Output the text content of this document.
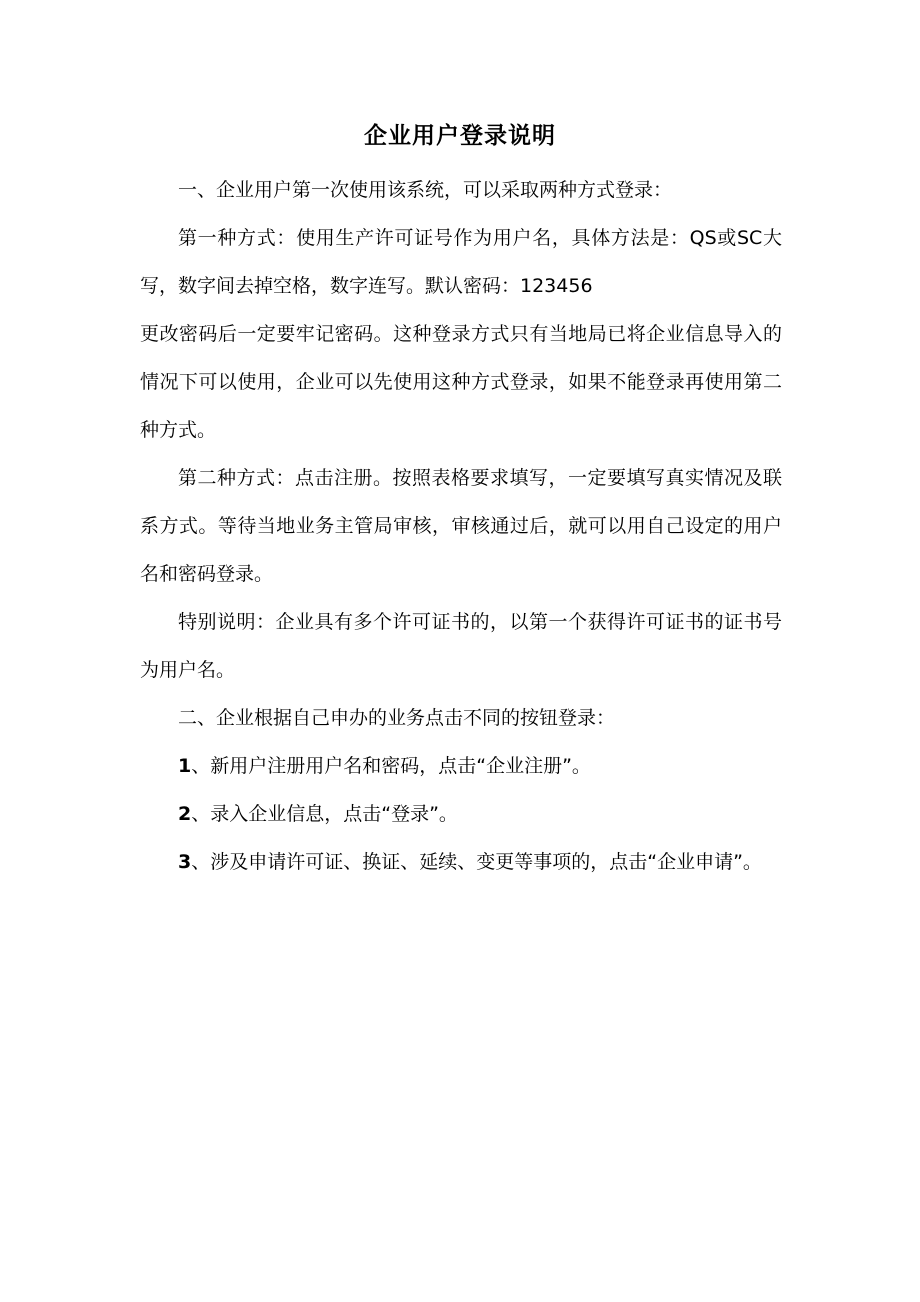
企业用户登录说明

一、企业用户第一次使用该系统，可以采取两种方式登录：

第一种方式：使用生产许可证号作为用户名，具体方法是：QS或SC大写，数字间去掉空格，数字连写。默认密码：123456

更改密码后一定要牢记密码。这种登录方式只有当地局已将企业信息导入的情况下可以使用，企业可以先使用这种方式登录，如果不能登录再使用第二种方式。

第二种方式：点击注册。按照表格要求填写，一定要填写真实情况及联系方式。等待当地业务主管局审核，审核通过后，就可以用自己设定的用户名和密码登录。

特别说明：企业具有多个许可证书的，以第一个获得许可证书的证书号为用户名。

二、企业根据自己申办的业务点击不同的按钮登录：

1、新用户注册用户名和密码，点击“企业注册”。

2、录入企业信息，点击“登录”。

3、涉及申请许可证、换证、延续、变更等事项的，点击“企业申请”。
